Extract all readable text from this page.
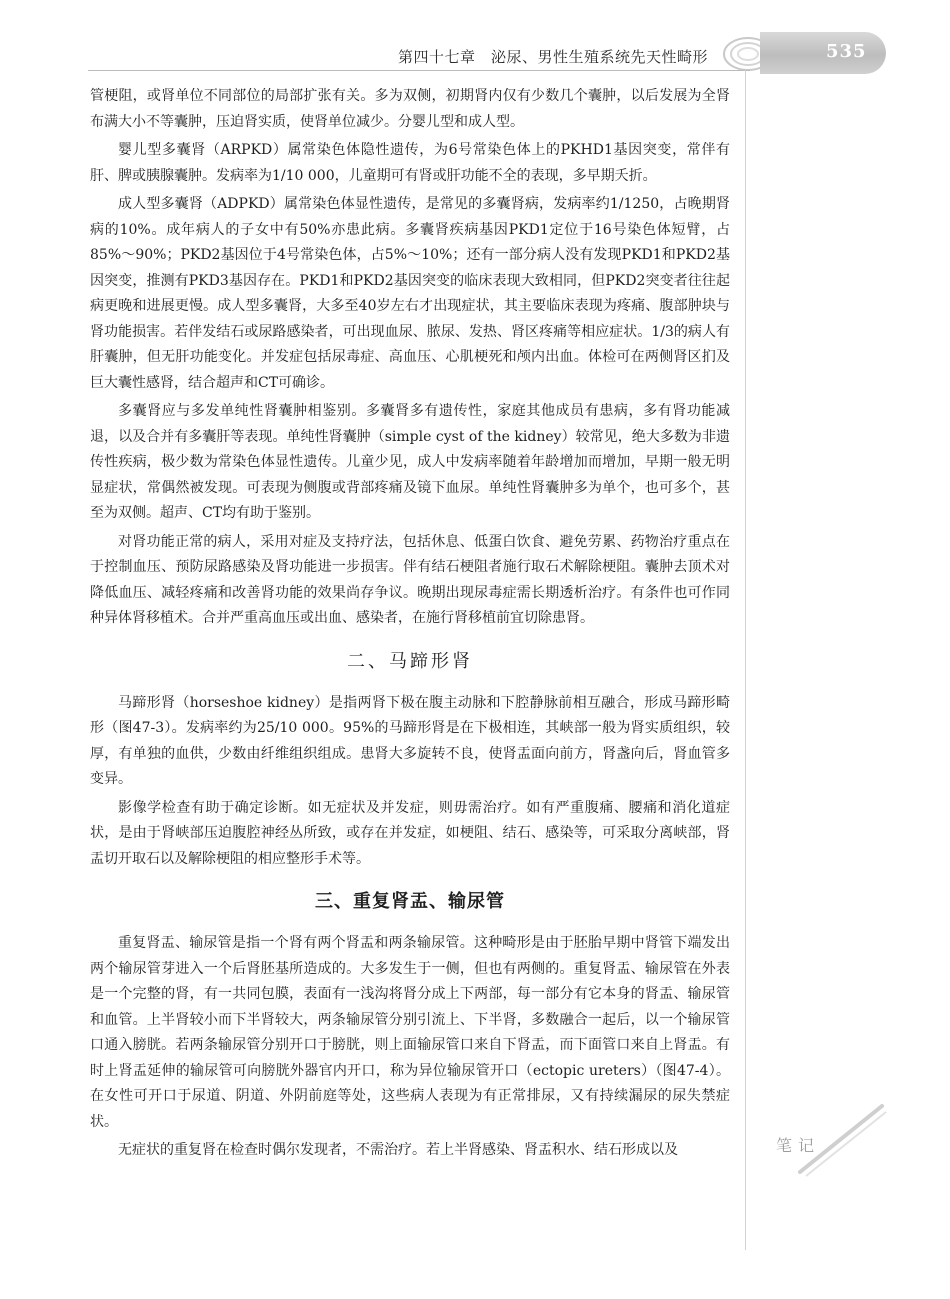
第四十七章　泌尿、男性生殖系统先天性畸形	535

管梗阻，或肾单位不同部位的局部扩张有关。多为双侧，初期肾内仅有少数几个囊肿，以后发展为全肾布满大小不等囊肿，压迫肾实质，使肾单位减少。分婴儿型和成人型。

婴儿型多囊肾（ARPKD）属常染色体隐性遗传，为6号常染色体上的PKHD1基因突变，常伴有肝、脾或胰腺囊肿。发病率为1/10 000，儿童期可有肾或肝功能不全的表现，多早期夭折。

成人型多囊肾（ADPKD）属常染色体显性遗传，是常见的多囊肾病，发病率约1/1250，占晚期肾病的10%。成年病人的子女中有50%亦患此病。多囊肾疾病基因PKD1定位于16号染色体短臂，占85%～90%；PKD2基因位于4号常染色体，占5%～10%；还有一部分病人没有发现PKD1和PKD2基因突变，推测有PKD3基因存在。PKD1和PKD2基因突变的临床表现大致相同，但PKD2突变者往往起病更晚和进展更慢。成人型多囊肾，大多至40岁左右才出现症状，其主要临床表现为疼痛、腹部肿块与肾功能损害。若伴发结石或尿路感染者，可出现血尿、脓尿、发热、肾区疼痛等相应症状。1/3的病人有肝囊肿，但无肝功能变化。并发症包括尿毒症、高血压、心肌梗死和颅内出血。体检可在两侧肾区扪及巨大囊性感肾，结合超声和CT可确诊。

多囊肾应与多发单纯性肾囊肿相鉴别。多囊肾多有遗传性，家庭其他成员有患病，多有肾功能减退，以及合并有多囊肝等表现。单纯性肾囊肿（simple cyst of the kidney）较常见，绝大多数为非遗传性疾病，极少数为常染色体显性遗传。儿童少见，成人中发病率随着年龄增加而增加，早期一般无明显症状，常偶然被发现。可表现为侧腹或背部疼痛及镜下血尿。单纯性肾囊肿多为单个，也可多个，甚至为双侧。超声、CT均有助于鉴别。

对肾功能正常的病人，采用对症及支持疗法，包括休息、低蛋白饮食、避免劳累、药物治疗重点在于控制血压、预防尿路感染及肾功能进一步损害。伴有结石梗阻者施行取石术解除梗阻。囊肿去顶术对降低血压、减轻疼痛和改善肾功能的效果尚存争议。晚期出现尿毒症需长期透析治疗。有条件也可作同种异体肾移植术。合并严重高血压或出血、感染者，在施行肾移植前宜切除患肾。

二、马蹄形肾

马蹄形肾（horseshoe kidney）是指两肾下极在腹主动脉和下腔静脉前相互融合，形成马蹄形畸形（图47-3）。发病率约为25/10 000。95%的马蹄形肾是在下极相连，其峡部一般为肾实质组织，较厚，有单独的血供，少数由纤维组织组成。患肾大多旋转不良，使肾盂面向前方，肾盏向后，肾血管多变异。

影像学检查有助于确定诊断。如无症状及并发症，则毋需治疗。如有严重腹痛、腰痛和消化道症状，是由于肾峡部压迫腹腔神经丛所致，或存在并发症，如梗阻、结石、感染等，可采取分离峡部，肾盂切开取石以及解除梗阻的相应整形手术等。

三、重复肾盂、输尿管

重复肾盂、输尿管是指一个肾有两个肾盂和两条输尿管。这种畸形是由于胚胎早期中肾管下端发出两个输尿管芽进入一个后肾胚基所造成的。大多发生于一侧，但也有两侧的。重复肾盂、输尿管在外表是一个完整的肾，有一共同包膜，表面有一浅沟将肾分成上下两部，每一部分有它本身的肾盂、输尿管和血管。上半肾较小而下半肾较大，两条输尿管分别引流上、下半肾，多数融合一起后，以一个输尿管口通入膀胱。若两条输尿管分别开口于膀胱，则上面输尿管口来自下肾盂，而下面管口来自上肾盂。有时上肾盂延伸的输尿管可向膀胱外器官内开口，称为异位输尿管开口（ectopic ureters）（图47-4）。在女性可开口于尿道、阴道、外阴前庭等处，这些病人表现为有正常排尿，又有持续漏尿的尿失禁症状。

无症状的重复肾在检查时偶尔发现者，不需治疗。若上半肾感染、肾盂积水、结石形成以及	笔记
